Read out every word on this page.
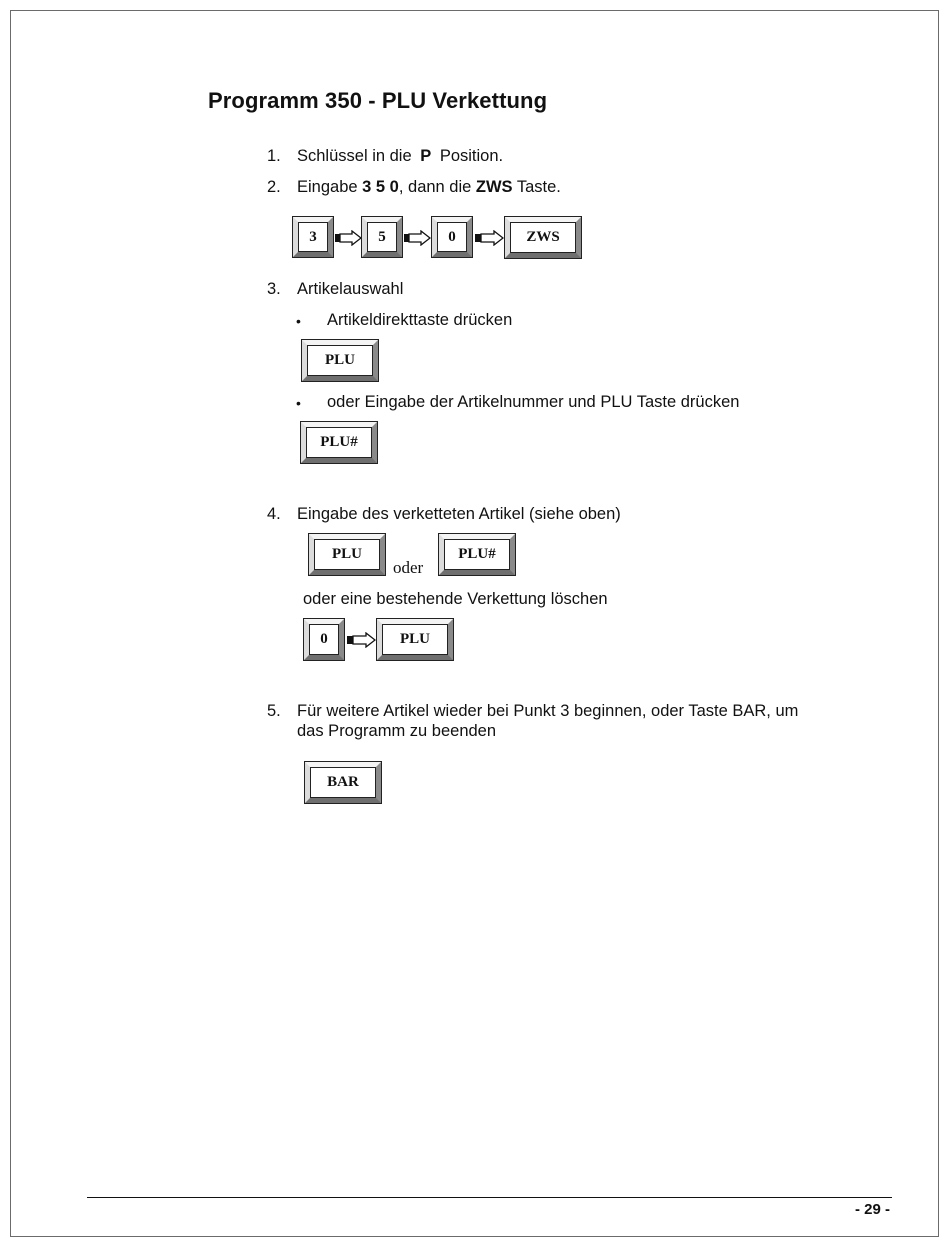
Programm 350 - PLU Verkettung
1. Schlüssel in die P Position.
2. Eingabe 3 5 0, dann die ZWS Taste.
3	5	0	ZWS
3. Artikelauswahl
• Artikeldirekttaste drücken
PLU
• oder Eingabe der Artikelnummer und PLU Taste drücken
PLU#
4. Eingabe des verketteten Artikel (siehe oben)
PLU
oder
PLU#
oder eine bestehende Verkettung löschen
0	PLU
5. Für weitere Artikel wieder bei Punkt 3 beginnen, oder Taste BAR, um
das Programm zu beenden
BAR
- 29 -
